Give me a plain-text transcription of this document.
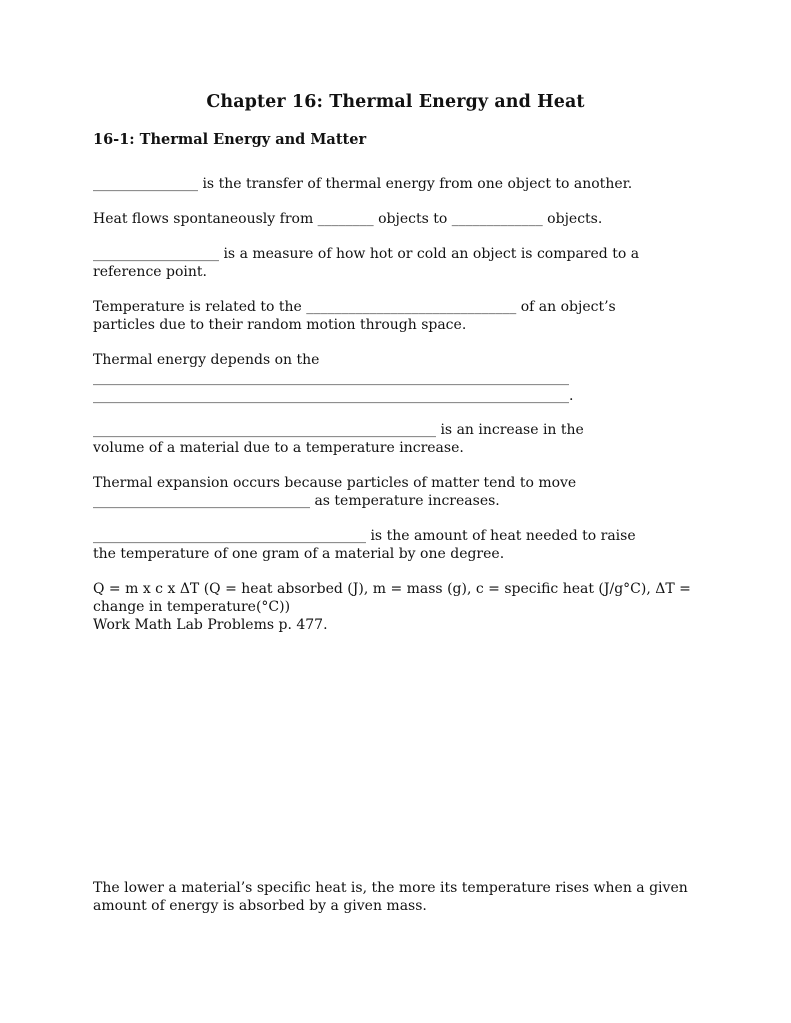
Chapter 16: Thermal Energy and Heat
16-1: Thermal Energy and Matter

_______________ is the transfer of thermal energy from one object to another.

Heat flows spontaneously from ________ objects to _____________ objects.

__________________ is a measure of how hot or cold an object is compared to a
reference point.

Temperature is related to the ______________________________ of an object’s
particles due to their random motion through space.

Thermal energy depends on the
____________________________________________________________________
____________________________________________________________________.

_________________________________________________ is an increase in the
volume of a material due to a temperature increase.

Thermal expansion occurs because particles of matter tend to move
_______________________________ as temperature increases.

_______________________________________ is the amount of heat needed to raise
the temperature of one gram of a material by one degree.

Q = m x c x ΔT (Q = heat absorbed (J), m = mass (g), c = specific heat (J/g°C), ΔT =
change in temperature(°C))
Work Math Lab Problems p. 477.

The lower a material’s specific heat is, the more its temperature rises when a given
amount of energy is absorbed by a given mass.
